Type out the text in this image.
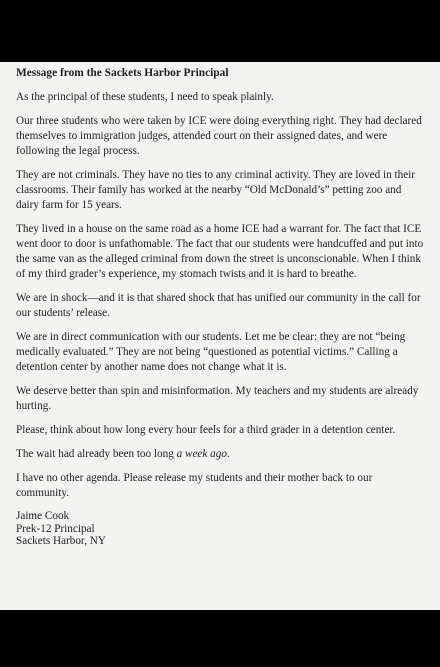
Message from the Sackets Harbor Principal

As the principal of these students, I need to speak plainly.

Our three students who were taken by ICE were doing everything right. They had declared themselves to immigration judges, attended court on their assigned dates, and were following the legal process.

They are not criminals. They have no ties to any criminal activity. They are loved in their classrooms. Their family has worked at the nearby “Old McDonald’s” petting zoo and dairy farm for 15 years.

They lived in a house on the same road as a home ICE had a warrant for. The fact that ICE went door to door is unfathomable. The fact that our students were handcuffed and put into the same van as the alleged criminal from down the street is unconscionable. When I think of my third grader’s experience, my stomach twists and it is hard to breathe.

We are in shock—and it is that shared shock that has unified our community in the call for our students’ release.

We are in direct communication with our students. Let me be clear: they are not “being medically evaluated.” They are not being “questioned as potential victims.” Calling a detention center by another name does not change what it is.

We deserve better than spin and misinformation. My teachers and my students are already hurting.

Please, think about how long every hour feels for a third grader in a detention center.

The wait had already been too long a week ago.

I have no other agenda. Please release my students and their mother back to our community.

Jaime Cook
Prek-12 Principal
Sackets Harbor, NY
